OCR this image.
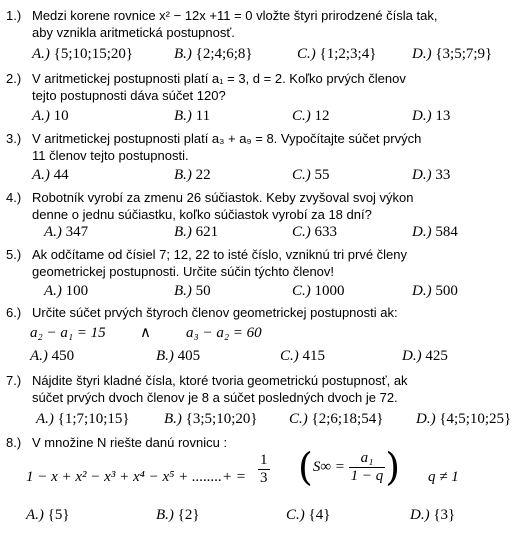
1.) Medzi korene rovnice x² − 12x +11 = 0 vložte štyri prirodzené čísla tak,
aby vznikla aritmetická postupnosť.
A.) {5;10;15;20}	B.) {2;4;6;8}	C.) {1;2;3;4} D.) {3;5;7;9}
2.) V aritmetickej postupnosti platí a₁ = 3, d = 2. Koľko prvých členov
tejto postupnosti dáva súčet 120?
A.) 10	B.) 11	C.) 12	D.) 13
3.) V aritmetickej postupnosti platí a₃ + a₉ = 8. Vypočítajte súčet prvých
11 členov tejto postupnosti.
A.) 44	B.) 22	C.) 55	D.) 33
4.) Robotník vyrobí za zmenu 26 súčiastok. Keby zvyšoval svoj výkon
denne o jednu súčiastku, koľko súčiastok vyrobí za 18 dní?
A.) 347	B.) 621	C.) 633	D.) 584
5.) Ak odčítame od čísiel 7; 12, 22 to isté číslo, vzniknú tri prvé členy
geometrickej postupnosti. Určite súčin týchto členov!
A.) 100	B.) 50	C.) 1000	D.) 500
6.) Určite súčet prvých štyroch členov geometrickej postupnosti ak:
a₂ − a₁ = 15 ∧ a₃ − a₂ = 60
A.) 450	B.) 405	C.) 415	D.) 425
7.) Nájdite štyri kladné čísla, ktoré tvoria geometrickú postupnosť, ak
súčet prvých dvoch členov je 8 a súčet posledných dvoch je 72.
A.) {1;7;10;15} B.) {3;5;10;20} C.) {2;6;18;54} D.) {4;5;10;25}
8.) V množine N riešte danú rovnicu :
1 − x + x² − x³ + x⁴ − x⁵ + ........+ = $\frac{1}{3} (S\infty = \frac{\text{a₁}}{1 - q}$ ) q ≠ 1
A.) {5}	B.) {2}	C.) {4}	D.) {3}
